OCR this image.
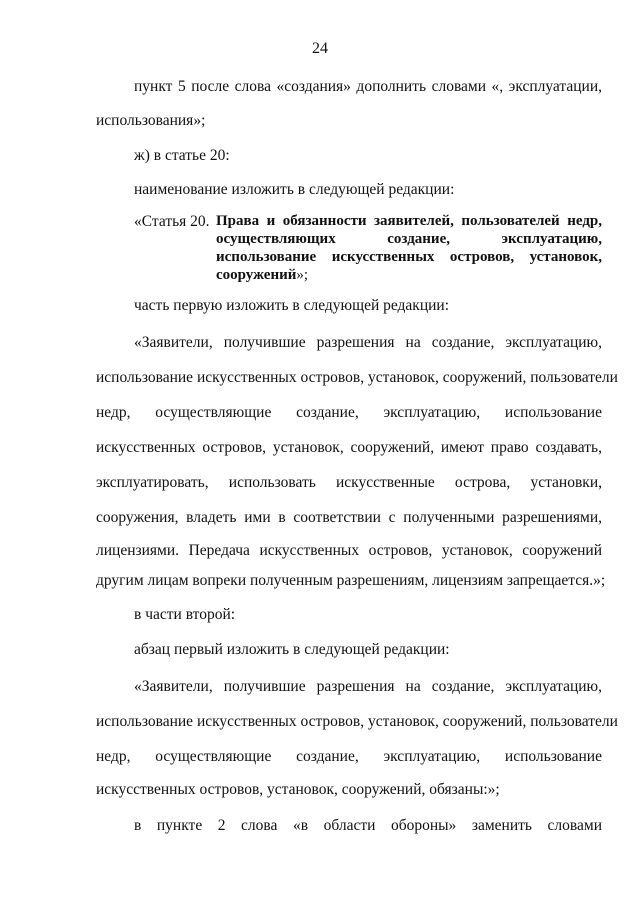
24
пункт 5 после слова «создания» дополнить словами «, эксплуатации,
использования»;
ж) в статье 20:
наименование изложить в следующей редакции:
«Статья 20. Права и обязанности заявителей, пользователей недр,
осуществляющих создание, эксплуатацию,
использование искусственных островов, установок,
сооружений»;
часть первую изложить в следующей редакции:
«Заявители, получившие разрешения на создание, эксплуатацию,
использование искусственных островов, установок, сооружений, пользователи
недр, осуществляющие создание, эксплуатацию, использование
искусственных островов, установок, сооружений, имеют право создавать,
эксплуатировать, использовать искусственные острова, установки,
сооружения, владеть ими в соответствии с полученными разрешениями,
лицензиями. Передача искусственных островов, установок, сооружений
другим лицам вопреки полученным разрешениям, лицензиям запрещается.»;
в части второй:
абзац первый изложить в следующей редакции:
«Заявители, получившие разрешения на создание, эксплуатацию,
использование искусственных островов, установок, сооружений, пользователи
недр, осуществляющие создание, эксплуатацию, использование
искусственных островов, установок, сооружений, обязаны:»;
в пункте 2 слова «в области обороны» заменить словами
